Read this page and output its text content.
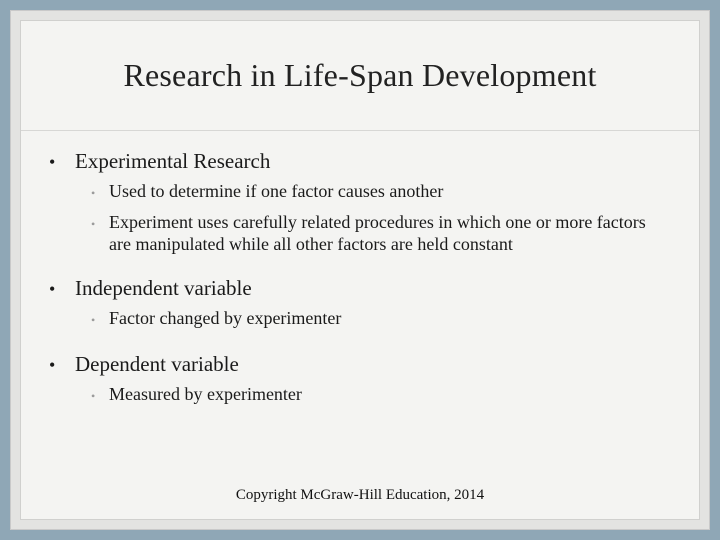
Research in Life-Span Development

• Experimental Research

• Used to determine if one factor causes another
• Experiment uses carefully related procedures in which one or more factors are manipulated while all other factors are held constant

• Independent variable

• Factor changed by experimenter

• Dependent variable

• Measured by experimenter
Copyright McGraw-Hill Education, 2014
